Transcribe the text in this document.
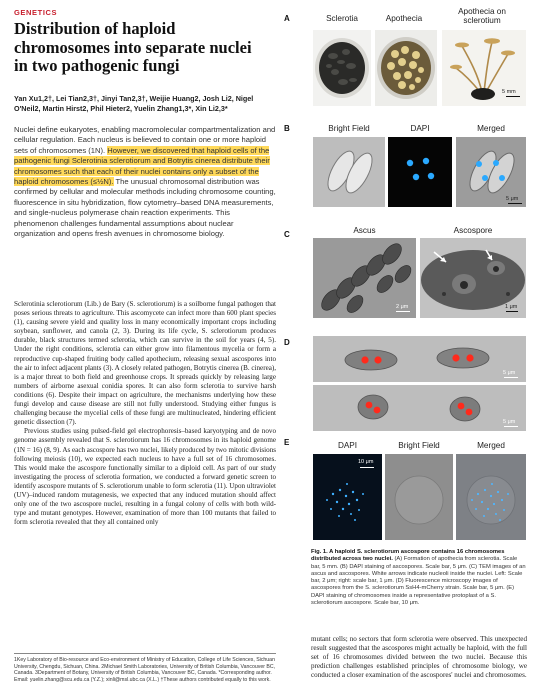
GENETICS
Distribution of haploid chromosomes into separate nuclei in two pathogenic fungi
Yan Xu1,2†, Lei Tian2,3†, Jinyi Tan2,3†, Weijie Huang2, Josh Li2, Nigel O'Neil2, Martin Hirst2, Phil Hieter2, Yuelin Zhang1,3*, Xin Li2,3*
Nuclei define eukaryotes, enabling macromolecular compartmentalization and cellular regulation. Each nucleus is believed to contain one or more haploid sets of chromosomes (1N). However, we discovered that haploid cells of the pathogenic fungi Sclerotinia sclerotiorum and Botrytis cinerea distribute their chromosomes such that each of their nuclei contains only a subset of the haploid chromosomes (≤½N). The unusual chromosomal distribution was confirmed by cellular and molecular methods including chromosome counting, fluorescence in situ hybridization, flow cytometry–based DNA measurements, and single-nucleus polymerase chain reaction experiments. This phenomenon challenges fundamental assumptions about nuclear organization and opens fresh avenues in chromosome biology.

Sclerotinia sclerotiorum (Lib.) de Bary (S. sclerotiorum) is a soilborne fungal pathogen that poses serious threats to agriculture. This ascomycete can infect more than 600 plant species (1), causing severe yield and quality loss in many economically important crops including soybean, sunflower, and canola (2, 3). During its life cycle, S. sclerotiorum produces durable, black structures termed sclerotia, which can survive in the soil for years (4, 5). Under the right conditions, sclerotia can either grow into filamentous mycelia or form a reproductive cup-shaped fruiting body called apothecium, releasing sexual ascospores into the air to infect adjacent plants (3). A closely related pathogen, Botrytis cinerea (B. cinerea), is a major threat to both field and greenhouse crops. It spreads quickly by releasing large numbers of airborne asexual conidia spores. It can also form sclerotia to survive harsh conditions (6). Despite their impact on agriculture, the mechanisms underlying how these fungi develop and cause disease are still not fully understood. Studying either fungus is challenging because the mycelial cells of these fungi are multinucleated, hindering efficient genetic dissection (7).

Previous studies using pulsed-field gel electrophoresis–based karyotyping and de novo genome assembly revealed that S. sclerotiorum has 16 chromosomes in its haploid genome (1N = 16) (8, 9). As each ascospore has two nuclei, likely produced by two mitotic divisions following meiosis (10), we expected each nucleus to have a full set of 16 chromosomes. This would make the ascospore functionally similar to a diploid cell. As part of our study investigating the process of sclerotia formation, we conducted a forward genetic screen to identify ascospore mutants of S. sclerotiorum unable to form sclerotia (11). Upon ultraviolet (UV)–induced random mutagenesis, we expected that any induced mutation should affect only one of the two ascospore nuclei, resulting in a fungal colony of cells with both wild-type and mutant genotypes. However, examination of more than 100 mutants that failed to form sclerotia revealed that they all contained only

1Key Laboratory of Bio-resource and Eco-environment of Ministry of Education, College of Life Sciences, Sichuan University, Chengdu, Sichuan, China. 2Michael Smith Laboratories, University of British Columbia, Vancouver BC, Canada. 3Department of Botany, University of British Columbia, Vancouver BC, Canada. *Corresponding author. Email: yuelin.zhang@scu.edu.ca (Y.Z.); xinli@msl.ubc.ca (X.L.) †These authors contributed equally to this work.
A	Sclerotia	Apothecia
Apothecia on sclerotium
5 mm
B	Bright Field	DAPI	Merged
5 μm
C	Ascus	Ascospore
2 μm	1 μm
D
5 μm
5 μm
E	DAPI	Bright Field	Merged
10 μm
Fig. 1. A haploid S. sclerotiorum ascospore contains 16 chromosomes distributed across two nuclei. (A) Formation of apothecia from sclerotia. Scale bar, 5 mm. (B) DAPI staining of ascospores. Scale bar, 5 μm. (C) TEM images of an ascus and ascospores. White arrows indicate nucleoli inside the nuclei. Left: Scale bar, 2 μm; right: scale bar, 1 μm. (D) Fluorescence microscopy images of ascospores from the S. sclerotiorum SsH4-mCherry strain. Scale bar, 5 μm. (E) DAPI staining of chromosomes inside a representative protoplast of a S. sclerotiorum ascospore. Scale bar, 10 μm.

mutant cells; no sectors that form sclerotia were observed. This unexpected result suggested that the ascospores might actually be haploid, with the full set of 16 chromosomes divided between the two nuclei. Because this prediction challenges established principles of chromosome biology, we conducted a closer examination of the ascospores' nuclei and chromosomes.
